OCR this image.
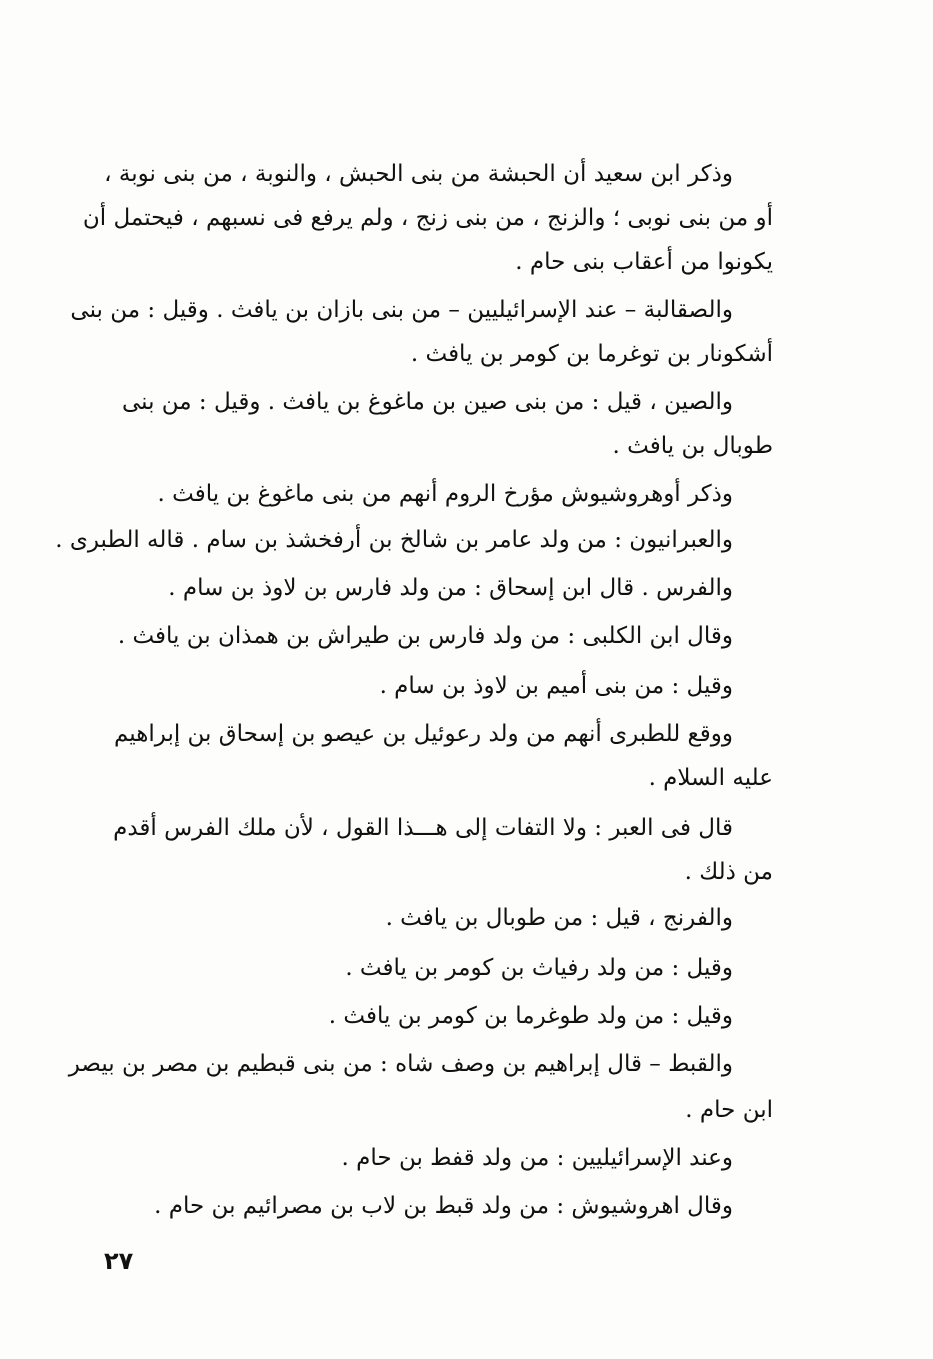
وذكر ابن سعيد أن الحبشة من بنى الحبش ، والنوبة ، من بنى نوبة ،
أو من بنى نوبى ؛ والزنج ، من بنى زنج ، ولم يرفع فى نسبهم ، فيحتمل أن
يكونوا من أعقاب بنى حام .
والصقالبة – عند الإسرائيليين – من بنى بازان بن يافث . وقيل : من بنى
أشكونار بن توغرما بن كومر بن يافث .
والصين ، قيل : من بنى صين بن ماغوغ بن يافث . وقيل : من بنى
طوبال بن يافث .
وذكر أوهروشيوش مؤرخ الروم أنهم من بنى ماغوغ بن يافث .
والعبرانيون : من ولد عامر بن شالخ بن أرفخشذ بن سام . قاله الطبرى .
والفرس . قال ابن إسحاق : من ولد فارس بن لاوذ بن سام .
وقال ابن الكلبى : من ولد فارس بن طيراش بن همذان بن يافث .
وقيل : من بنى أميم بن لاوذ بن سام .
ووقع للطبرى أنهم من ولد رعوئيل بن عيصو بن إسحاق بن إبراهيم
عليه السلام .
قال فى العبر : ولا التفات إلى هـــذا القول ، لأن ملك الفرس أقدم
من ذلك .
والفرنج ، قيل : من طوبال بن يافث .
وقيل : من ولد رفياث بن كومر بن يافث .
وقيل : من ولد طوغرما بن كومر بن يافث .
والقبط – قال إبراهيم بن وصف شاه : من بنى قبطيم بن مصر بن بيصر
ابن حام .
وعند الإسرائيليين : من ولد قفط بن حام .
وقال اهروشيوش : من ولد قبط بن لاب بن مصرائيم بن حام .
٢٧
